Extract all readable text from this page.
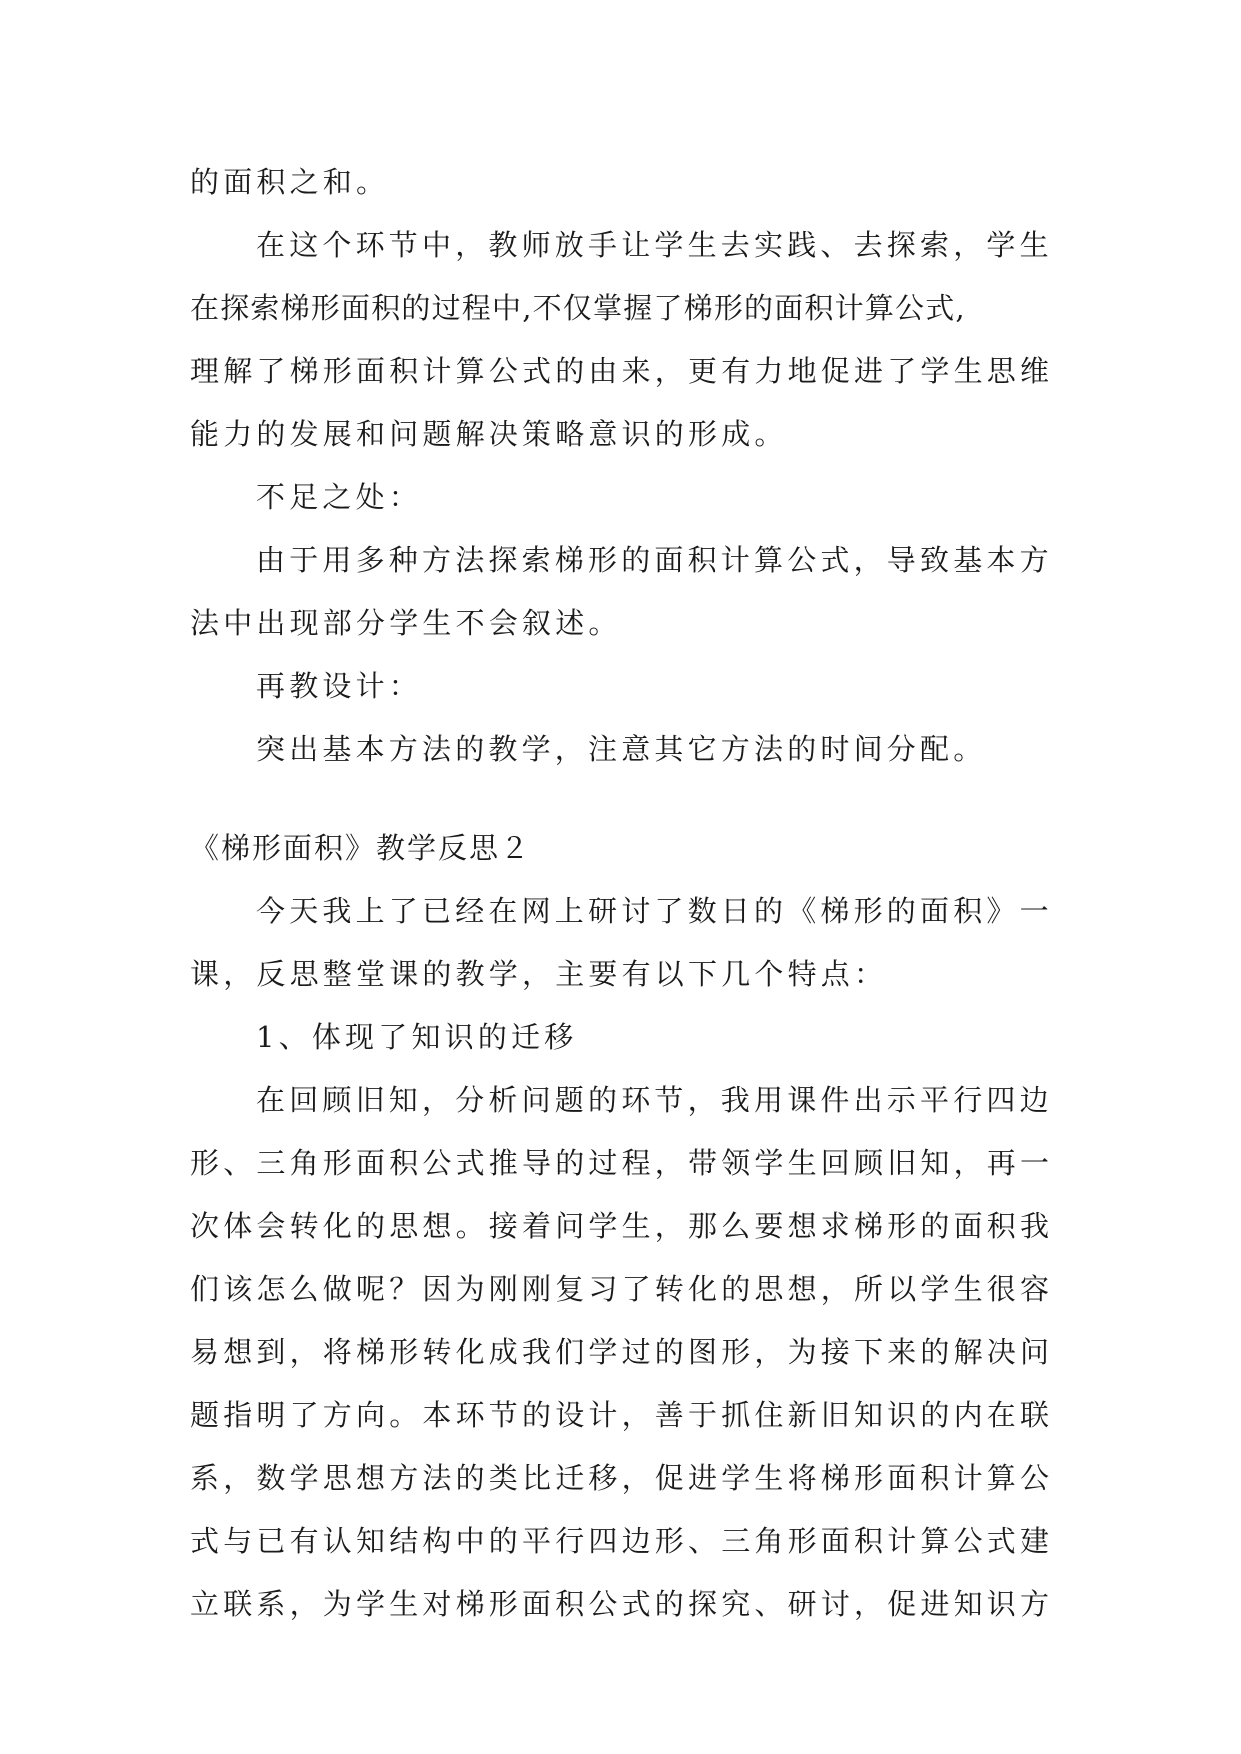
的面积之和。
在这个环节中，教师放手让学生去实践、去探索，学生
在探索梯形面积的过程中,不仅掌握了梯形的面积计算公式,
理解了梯形面积计算公式的由来，更有力地促进了学生思维
能力的发展和问题解决策略意识的形成。
不足之处：
由于用多种方法探索梯形的面积计算公式，导致基本方
法中出现部分学生不会叙述。
再教设计：
突出基本方法的教学，注意其它方法的时间分配。
《梯形面积》教学反思２
今天我上了已经在网上研讨了数日的《梯形的面积》一
课，反思整堂课的教学，主要有以下几个特点：
1、体现了知识的迁移
在回顾旧知，分析问题的环节，我用课件出示平行四边
形、三角形面积公式推导的过程，带领学生回顾旧知，再一
次体会转化的思想。接着问学生，那么要想求梯形的面积我
们该怎么做呢？因为刚刚复习了转化的思想，所以学生很容
易想到，将梯形转化成我们学过的图形，为接下来的解决问
题指明了方向。本环节的设计，善于抓住新旧知识的内在联
系，数学思想方法的类比迁移，促进学生将梯形面积计算公
式与已有认知结构中的平行四边形、三角形面积计算公式建
立联系，为学生对梯形面积公式的探究、研讨，促进知识方
